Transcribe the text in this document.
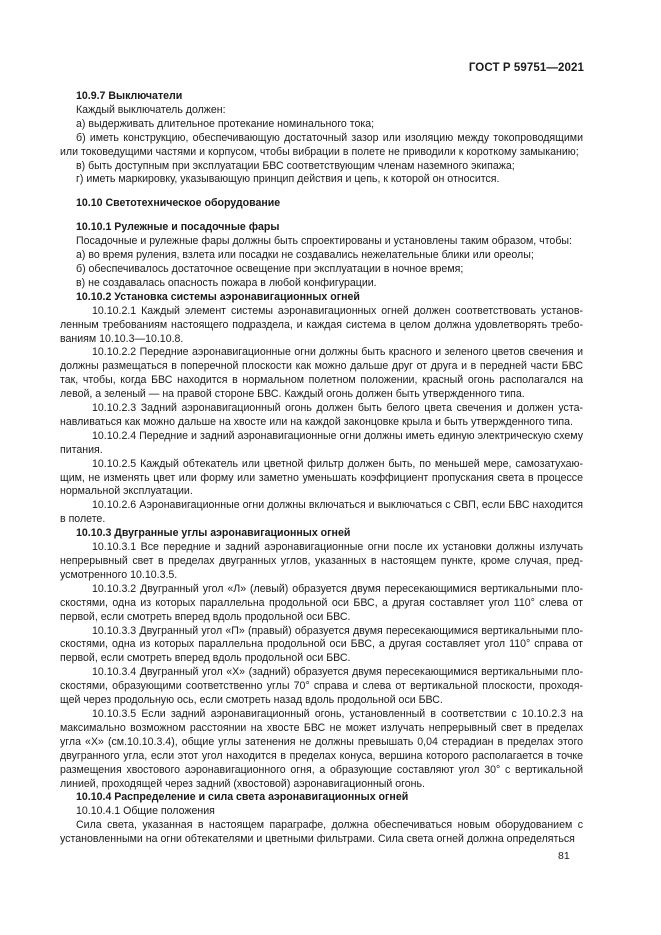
ГОСТ Р 59751—2021

10.9.7 Выключатели

Каждый выключатель должен:

а) выдерживать длительное протекание номинального тока;

б) иметь конструкцию, обеспечивающую достаточный зазор или изоляцию между токопроводящими или токоведущими частями и корпусом, чтобы вибрации в полете не приводили к короткому замыканию;

в) быть доступным при эксплуатации БВС соответствующим членам наземного экипажа;

г) иметь маркировку, указывающую принцип действия и цепь, к которой он относится.

10.10 Светотехническое оборудование

10.10.1 Рулежные и посадочные фары

Посадочные и рулежные фары должны быть спроектированы и установлены таким образом, чтобы:

а) во время руления, взлета или посадки не создавались нежелательные блики или ореолы;

б) обеспечивалось достаточное освещение при эксплуатации в ночное время;

в) не создавалась опасность пожара в любой конфигурации.

10.10.2 Установка системы аэронавигационных огней

10.10.2.1 Каждый элемент системы аэронавигационных огней должен соответствовать установленным требованиям настоящего подраздела, и каждая система в целом должна удовлетворять требованиям 10.10.3—10.10.8.

10.10.2.2 Передние аэронавигационные огни должны быть красного и зеленого цветов свечения и должны размещаться в поперечной плоскости как можно дальше друг от друга и в передней части БВС так, чтобы, когда БВС находится в нормальном полетном положении, красный огонь располагался на левой, а зеленый — на правой стороне БВС. Каждый огонь должен быть утвержденного типа.

10.10.2.3 Задний аэронавигационный огонь должен быть белого цвета свечения и должен устанавливаться как можно дальше на хвосте или на каждой законцовке крыла и быть утвержденного типа.

10.10.2.4 Передние и задний аэронавигационные огни должны иметь единую электрическую схему питания.

10.10.2.5 Каждый обтекатель или цветной фильтр должен быть, по меньшей мере, самозатухающим, не изменять цвет или форму или заметно уменьшать коэффициент пропускания света в процессе нормальной эксплуатации.

10.10.2.6 Аэронавигационные огни должны включаться и выключаться с СВП, если БВС находится в полете.

10.10.3 Двугранные углы аэронавигационных огней

10.10.3.1 Все передние и задний аэронавигационные огни после их установки должны излучать непрерывный свет в пределах двугранных углов, указанных в настоящем пункте, кроме случая, предусмотренного 10.10.3.5.

10.10.3.2 Двугранный угол «Л» (левый) образуется двумя пересекающимися вертикальными плоскостями, одна из которых параллельна продольной оси БВС, а другая составляет угол 110° слева от первой, если смотреть вперед вдоль продольной оси БВС.

10.10.3.3 Двугранный угол «П» (правый) образуется двумя пересекающимися вертикальными плоскостями, одна из которых параллельна продольной оси БВС, а другая составляет угол 110° справа от первой, если смотреть вперед вдоль продольной оси БВС.

10.10.3.4 Двугранный угол «Х» (задний) образуется двумя пересекающимися вертикальными плоскостями, образующими соответственно углы 70° справа и слева от вертикальной плоскости, проходящей через продольную ось, если смотреть назад вдоль продольной оси БВС.

10.10.3.5 Если задний аэронавигационный огонь, установленный в соответствии с 10.10.2.3 на максимально возможном расстоянии на хвосте БВС не может излучать непрерывный свет в пределах угла «Х» (см.10.10.3.4), общие углы затенения не должны превышать 0,04 стерадиан в пределах этого двугранного угла, если этот угол находится в пределах конуса, вершина которого располагается в точке размещения хвостового аэронавигационного огня, а образующие составляют угол 30° с вертикальной линией, проходящей через задний (хвостовой) аэронавигационный огонь.

10.10.4 Распределение и сила света аэронавигационных огней

10.10.4.1 Общие положения

Сила света, указанная в настоящем параграфе, должна обеспечиваться новым оборудованием с установленными на огни обтекателями и цветными фильтрами. Сила света огней должна определяться

81
